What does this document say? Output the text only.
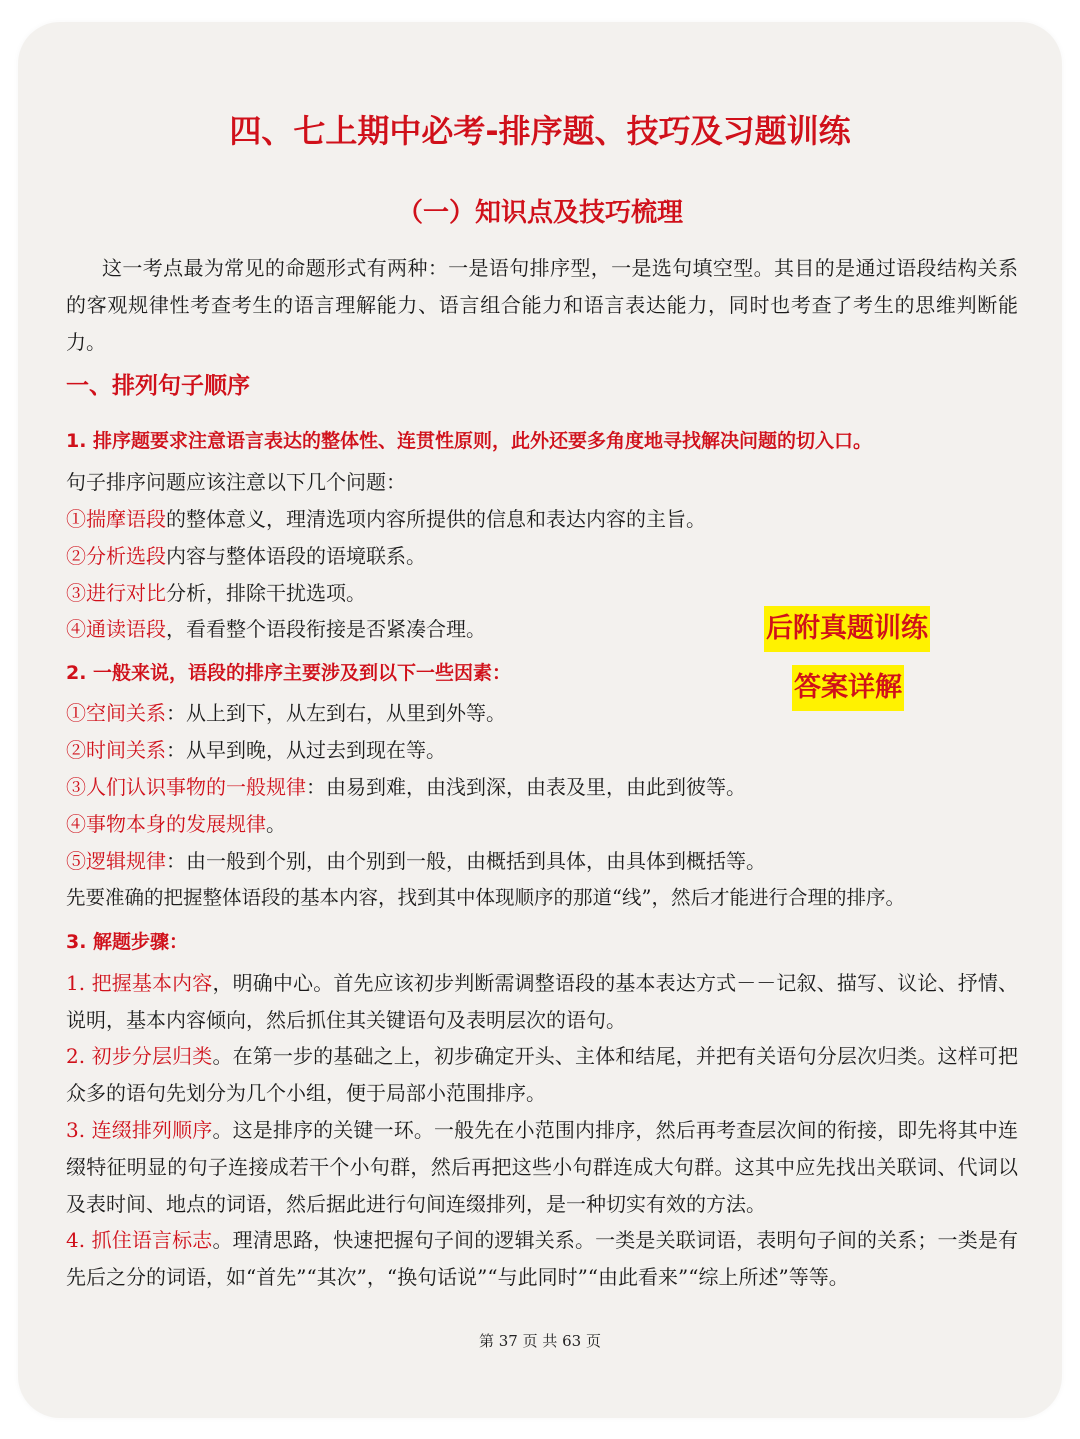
四、七上期中必考-排序题、技巧及习题训练
（一）知识点及技巧梳理
这一考点最为常见的命题形式有两种：一是语句排序型，一是选句填空型。其目的是通过语段结构关系的客观规律性考查考生的语言理解能力、语言组合能力和语言表达能力，同时也考查了考生的思维判断能力。
一、排列句子顺序
1. 排序题要求注意语言表达的整体性、连贯性原则，此外还要多角度地寻找解决问题的切入口。
句子排序问题应该注意以下几个问题：
①揣摩语段的整体意义，理清选项内容所提供的信息和表达内容的主旨。
②分析选段内容与整体语段的语境联系。
③进行对比分析，排除干扰选项。
④通读语段，看看整个语段衔接是否紧凑合理。	后附真题训练
答案详解
2. 一般来说，语段的排序主要涉及到以下一些因素：
①空间关系：从上到下，从左到右，从里到外等。
②时间关系：从早到晚，从过去到现在等。
③人们认识事物的一般规律：由易到难，由浅到深，由表及里，由此到彼等。
④事物本身的发展规律。
⑤逻辑规律：由一般到个别，由个别到一般，由概括到具体，由具体到概括等。
先要准确的把握整体语段的基本内容，找到其中体现顺序的那道“线”，然后才能进行合理的排序。
3. 解题步骤：
1. 把握基本内容，明确中心。首先应该初步判断需调整语段的基本表达方式－－记叙、描写、议论、抒情、说明，基本内容倾向，然后抓住其关键语句及表明层次的语句。
2. 初步分层归类。在第一步的基础之上，初步确定开头、主体和结尾，并把有关语句分层次归类。这样可把众多的语句先划分为几个小组，便于局部小范围排序。
3. 连缀排列顺序。这是排序的关键一环。一般先在小范围内排序，然后再考查层次间的衔接，即先将其中连缀特征明显的句子连接成若干个小句群，然后再把这些小句群连成大句群。这其中应先找出关联词、代词以及表时间、地点的词语，然后据此进行句间连缀排列，是一种切实有效的方法。
4. 抓住语言标志。理清思路，快速把握句子间的逻辑关系。一类是关联词语，表明句子间的关系；一类是有先后之分的词语，如“首先”“其次”，“换句话说”“与此同时”“由此看来”“综上所述”等等。
第 37 页 共 63 页
